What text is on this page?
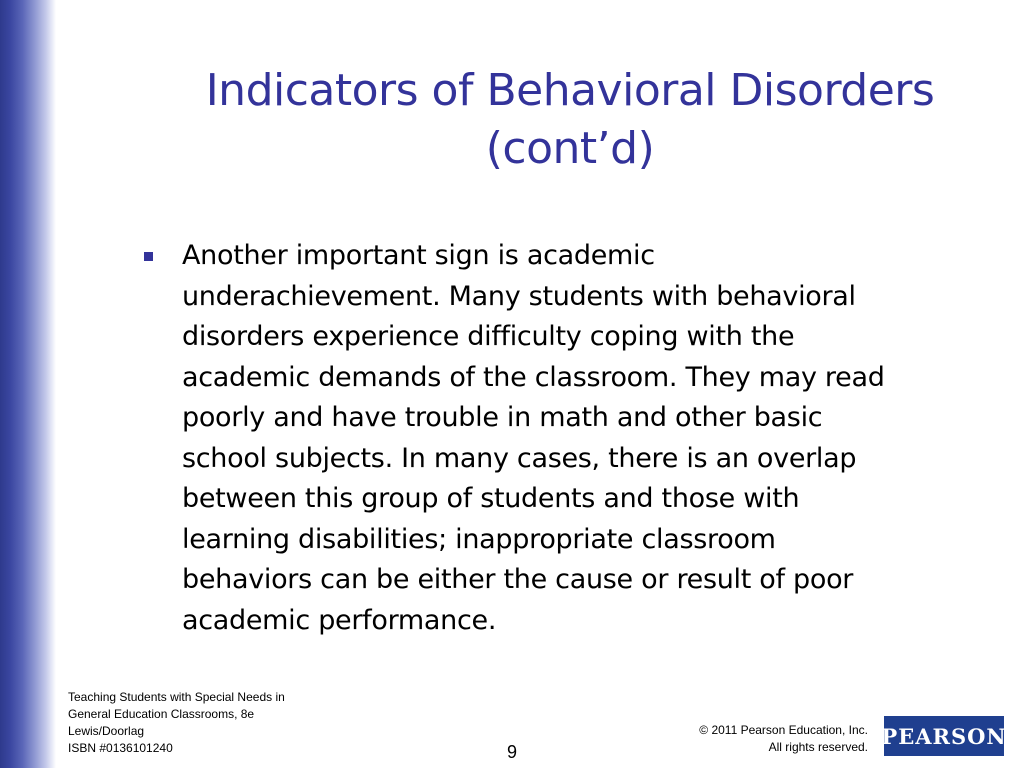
Indicators of Behavioral Disorders
(cont’d)
Another important sign is academic
underachievement. Many students with behavioral
disorders experience difficulty coping with the
academic demands of the classroom. They may read
poorly and have trouble in math and other basic
school subjects. In many cases, there is an overlap
between this group of students and those with
learning disabilities; inappropriate classroom
behaviors can be either the cause or result of poor
academic performance.
Teaching Students with Special Needs in
General Education Classrooms, 8e
Lewis/Doorlag
ISBN #0136101240	9
© 2011 Pearson Education, Inc.
All rights reserved. PEARSON
